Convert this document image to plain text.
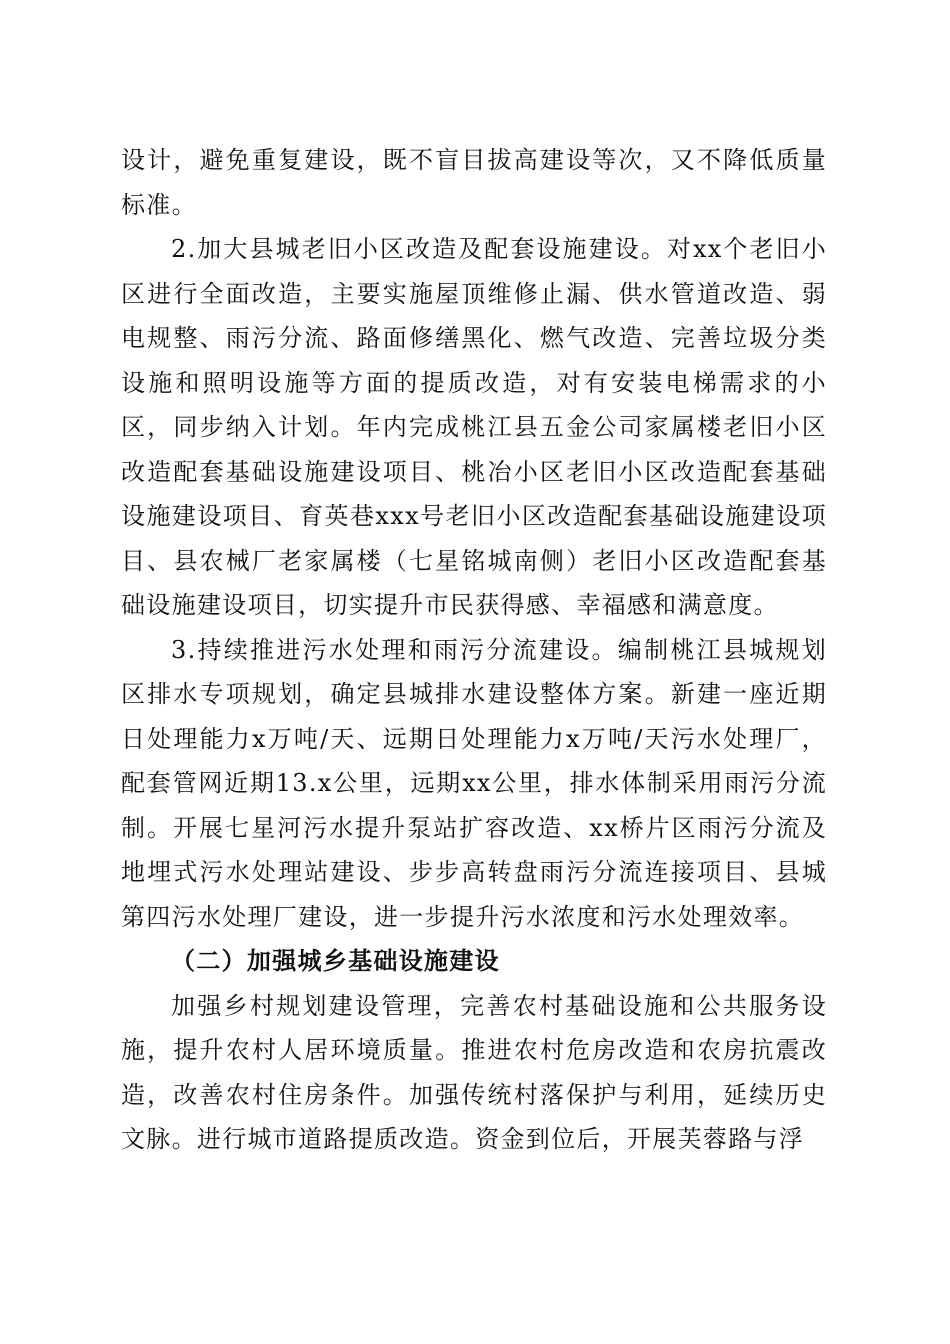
设计，避免重复建设，既不盲目拔高建设等次，又不降低质量标准。

2.加大县城老旧小区改造及配套设施建设。对xx个老旧小区进行全面改造，主要实施屋顶维修止漏、供水管道改造、弱电规整、雨污分流、路面修缮黑化、燃气改造、完善垃圾分类设施和照明设施等方面的提质改造，对有安装电梯需求的小区，同步纳入计划。年内完成桃江县五金公司家属楼老旧小区改造配套基础设施建设项目、桃冶小区老旧小区改造配套基础设施建设项目、育英巷xxx号老旧小区改造配套基础设施建设项目、县农械厂老家属楼（七星铭城南侧）老旧小区改造配套基础设施建设项目，切实提升市民获得感、幸福感和满意度。

3.持续推进污水处理和雨污分流建设。编制桃江县城规划区排水专项规划，确定县城排水建设整体方案。新建一座近期日处理能力x万吨/天、远期日处理能力x万吨/天污水处理厂，配套管网近期13.x公里，远期xx公里，排水体制采用雨污分流制。开展七星河污水提升泵站扩容改造、xx桥片区雨污分流及地埋式污水处理站建设、步步高转盘雨污分流连接项目、县城第四污水处理厂建设，进一步提升污水浓度和污水处理效率。

（二）加强城乡基础设施建设

加强乡村规划建设管理，完善农村基础设施和公共服务设施，提升农村人居环境质量。推进农村危房改造和农房抗震改造，改善农村住房条件。加强传统村落保护与利用，延续历史文脉。进行城市道路提质改造。资金到位后，开展芙蓉路与浮
